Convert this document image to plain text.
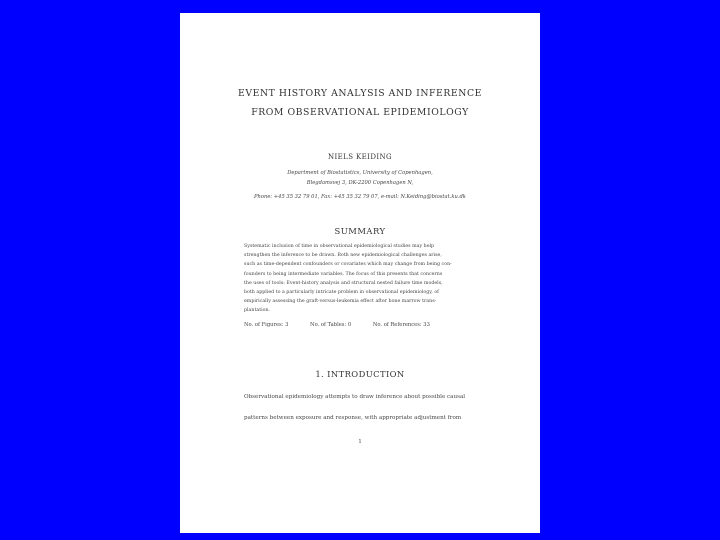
EVENT HISTORY ANALYSIS AND INFERENCE
FROM OBSERVATIONAL EPIDEMIOLOGY
NIELS KEIDING
Department of Biostatistics, University of Copenhagen,
Blegdamsvej 3, DK-2200 Copenhagen N,
Phone: +45 35 32 79 01, Fax: +45 35 32 79 07, e-mail: N.Keiding@biostat.ku.dk
SUMMARY
Systematic inclusion of time in observational epidemiological studies may help
strengthen the inference to be drawn. Both new epidemiological challenges arise,
such as time-dependent confounders or covariates which may change from being con-
founders to being intermediate variables. The focus of this presents that concerns
the uses of tools: Event-history analysis and structural nested failure time models,
both applied to a particularly intricate problem in observational epidemiology, of
empirically assessing the graft-versus-leukemia effect after bone marrow trans-
plantation.
No. of Figures: 3	No. of Tables: 0	No. of References: 33
1. INTRODUCTION
Observational epidemiology attempts to draw inference about possible causal
patterns between exposure and response, with appropriate adjustment from
1
